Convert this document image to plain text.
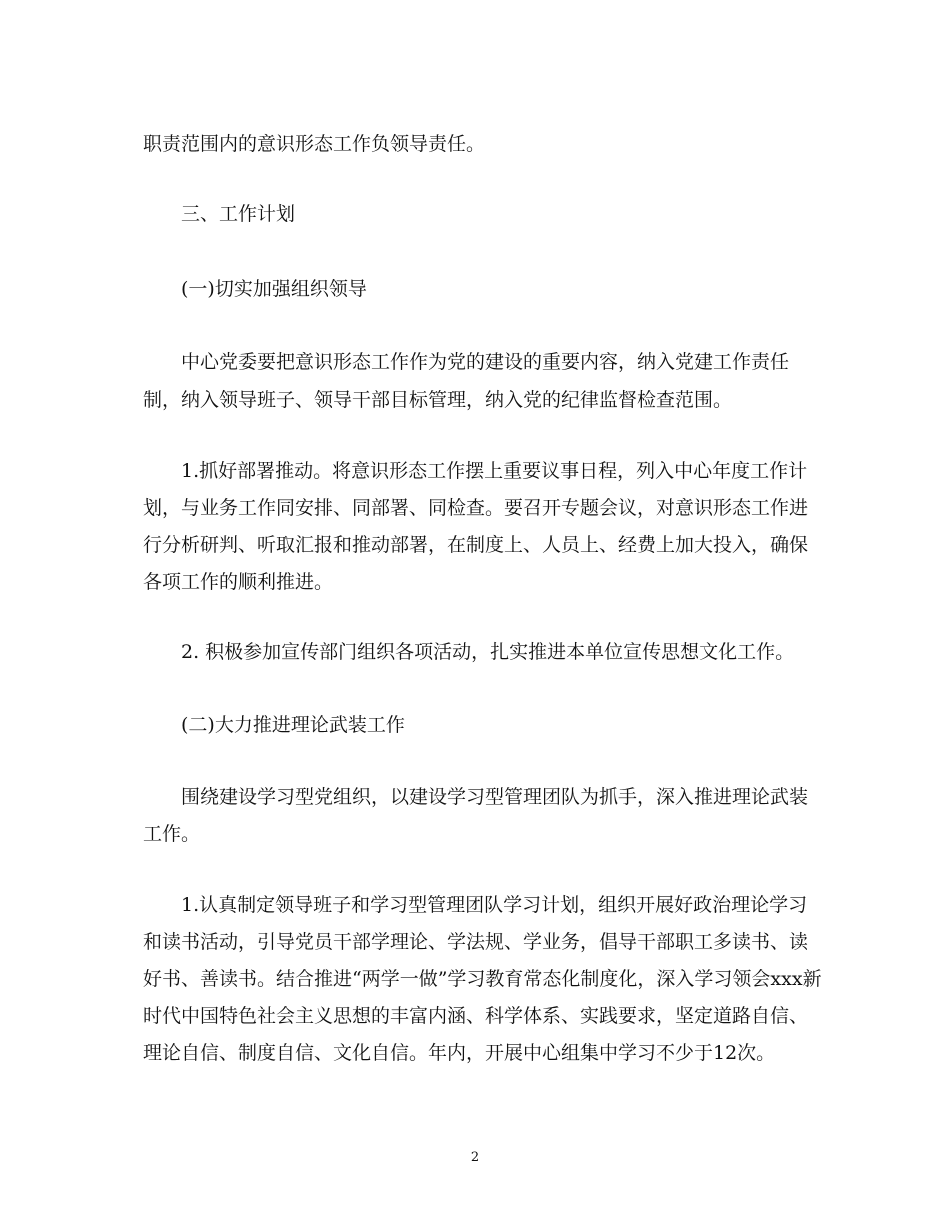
职责范围内的意识形态工作负领导责任。
三、工作计划
(一)切实加强组织领导
中心党委要把意识形态工作作为党的建设的重要内容，纳入党建工作责任
制，纳入领导班子、领导干部目标管理，纳入党的纪律监督检查范围。
1.抓好部署推动。将意识形态工作摆上重要议事日程，列入中心年度工作计
划，与业务工作同安排、同部署、同检查。要召开专题会议，对意识形态工作进
行分析研判、听取汇报和推动部署，在制度上、人员上、经费上加大投入，确保
各项工作的顺利推进。
2. 积极参加宣传部门组织各项活动，扎实推进本单位宣传思想文化工作。
(二)大力推进理论武装工作
围绕建设学习型党组织，以建设学习型管理团队为抓手，深入推进理论武装
工作。
1.认真制定领导班子和学习型管理团队学习计划，组织开展好政治理论学习
和读书活动，引导党员干部学理论、学法规、学业务，倡导干部职工多读书、读
好书、善读书。结合推进“两学一做”学习教育常态化制度化，深入学习领会xxx新
时代中国特色社会主义思想的丰富内涵、科学体系、实践要求，坚定道路自信、
理论自信、制度自信、文化自信。年内，开展中心组集中学习不少于12次。
2
